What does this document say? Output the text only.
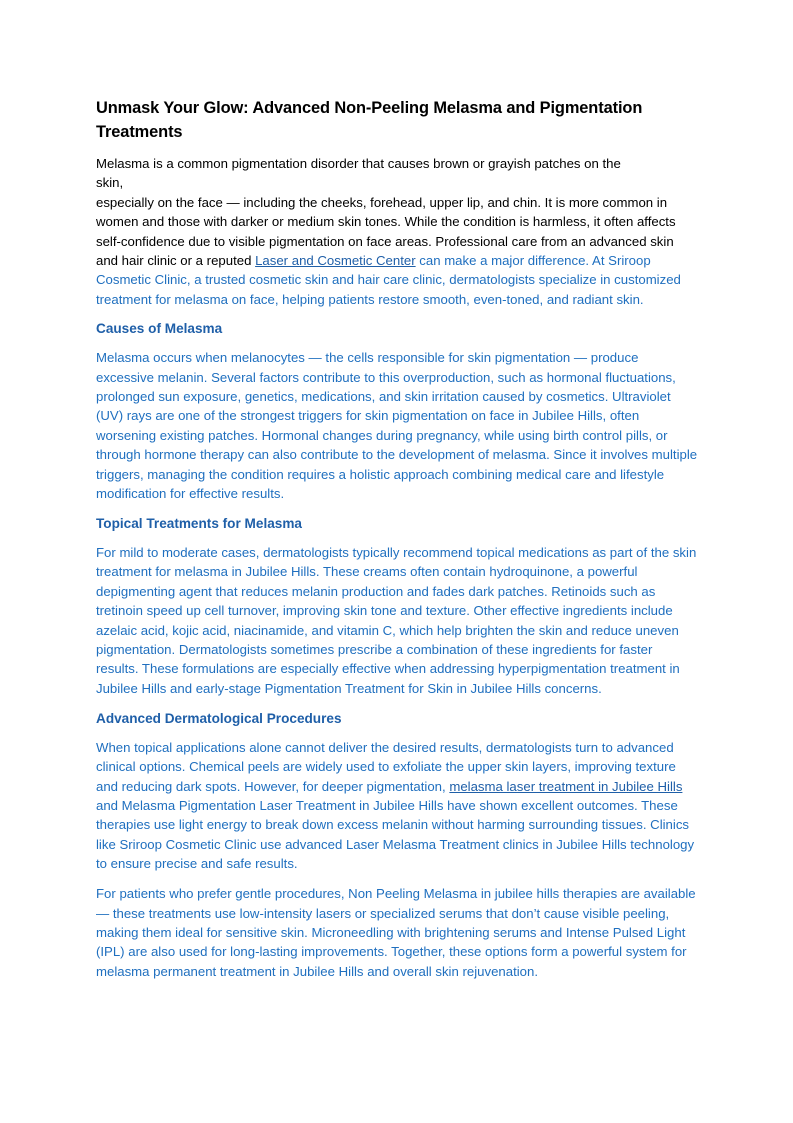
Unmask Your Glow: Advanced Non-Peeling Melasma and Pigmentation Treatments

Melasma is a common pigmentation disorder that causes brown or grayish patches on the skin,
especially on the face — including the cheeks, forehead, upper lip, and chin. It is more common in women and those with darker or medium skin tones. While the condition is harmless, it often affects self-confidence due to visible pigmentation on face areas. Professional care from an advanced skin and hair clinic or a reputed Laser and Cosmetic Center can make a major difference. At Sriroop Cosmetic Clinic, a trusted cosmetic skin and hair care clinic, dermatologists specialize in customized treatment for melasma on face, helping patients restore smooth, even-toned, and radiant skin.

Causes of Melasma

Melasma occurs when melanocytes — the cells responsible for skin pigmentation — produce excessive melanin. Several factors contribute to this overproduction, such as hormonal fluctuations, prolonged sun exposure, genetics, medications, and skin irritation caused by cosmetics. Ultraviolet (UV) rays are one of the strongest triggers for skin pigmentation on face in Jubilee Hills, often worsening existing patches. Hormonal changes during pregnancy, while using birth control pills, or through hormone therapy can also contribute to the development of melasma. Since it involves multiple triggers, managing the condition requires a holistic approach combining medical care and lifestyle modification for effective results.

Topical Treatments for Melasma

For mild to moderate cases, dermatologists typically recommend topical medications as part of the skin treatment for melasma in Jubilee Hills. These creams often contain hydroquinone, a powerful depigmenting agent that reduces melanin production and fades dark patches. Retinoids such as tretinoin speed up cell turnover, improving skin tone and texture. Other effective ingredients include azelaic acid, kojic acid, niacinamide, and vitamin C, which help brighten the skin and reduce uneven pigmentation. Dermatologists sometimes prescribe a combination of these ingredients for faster results. These formulations are especially effective when addressing hyperpigmentation treatment in Jubilee Hills and early-stage Pigmentation Treatment for Skin in Jubilee Hills concerns.

Advanced Dermatological Procedures

When topical applications alone cannot deliver the desired results, dermatologists turn to advanced clinical options. Chemical peels are widely used to exfoliate the upper skin layers, improving texture and reducing dark spots. However, for deeper pigmentation, melasma laser treatment in Jubilee Hills and Melasma Pigmentation Laser Treatment in Jubilee Hills have shown excellent outcomes. These therapies use light energy to break down excess melanin without harming surrounding tissues. Clinics like Sriroop Cosmetic Clinic use advanced Laser Melasma Treatment clinics in Jubilee Hills technology to ensure precise and safe results.

For patients who prefer gentle procedures, Non Peeling Melasma in jubilee hills therapies are available — these treatments use low-intensity lasers or specialized serums that don’t cause visible peeling, making them ideal for sensitive skin. Microneedling with brightening serums and Intense Pulsed Light (IPL) are also used for long-lasting improvements. Together, these options form a powerful system for melasma permanent treatment in Jubilee Hills and overall skin rejuvenation.
